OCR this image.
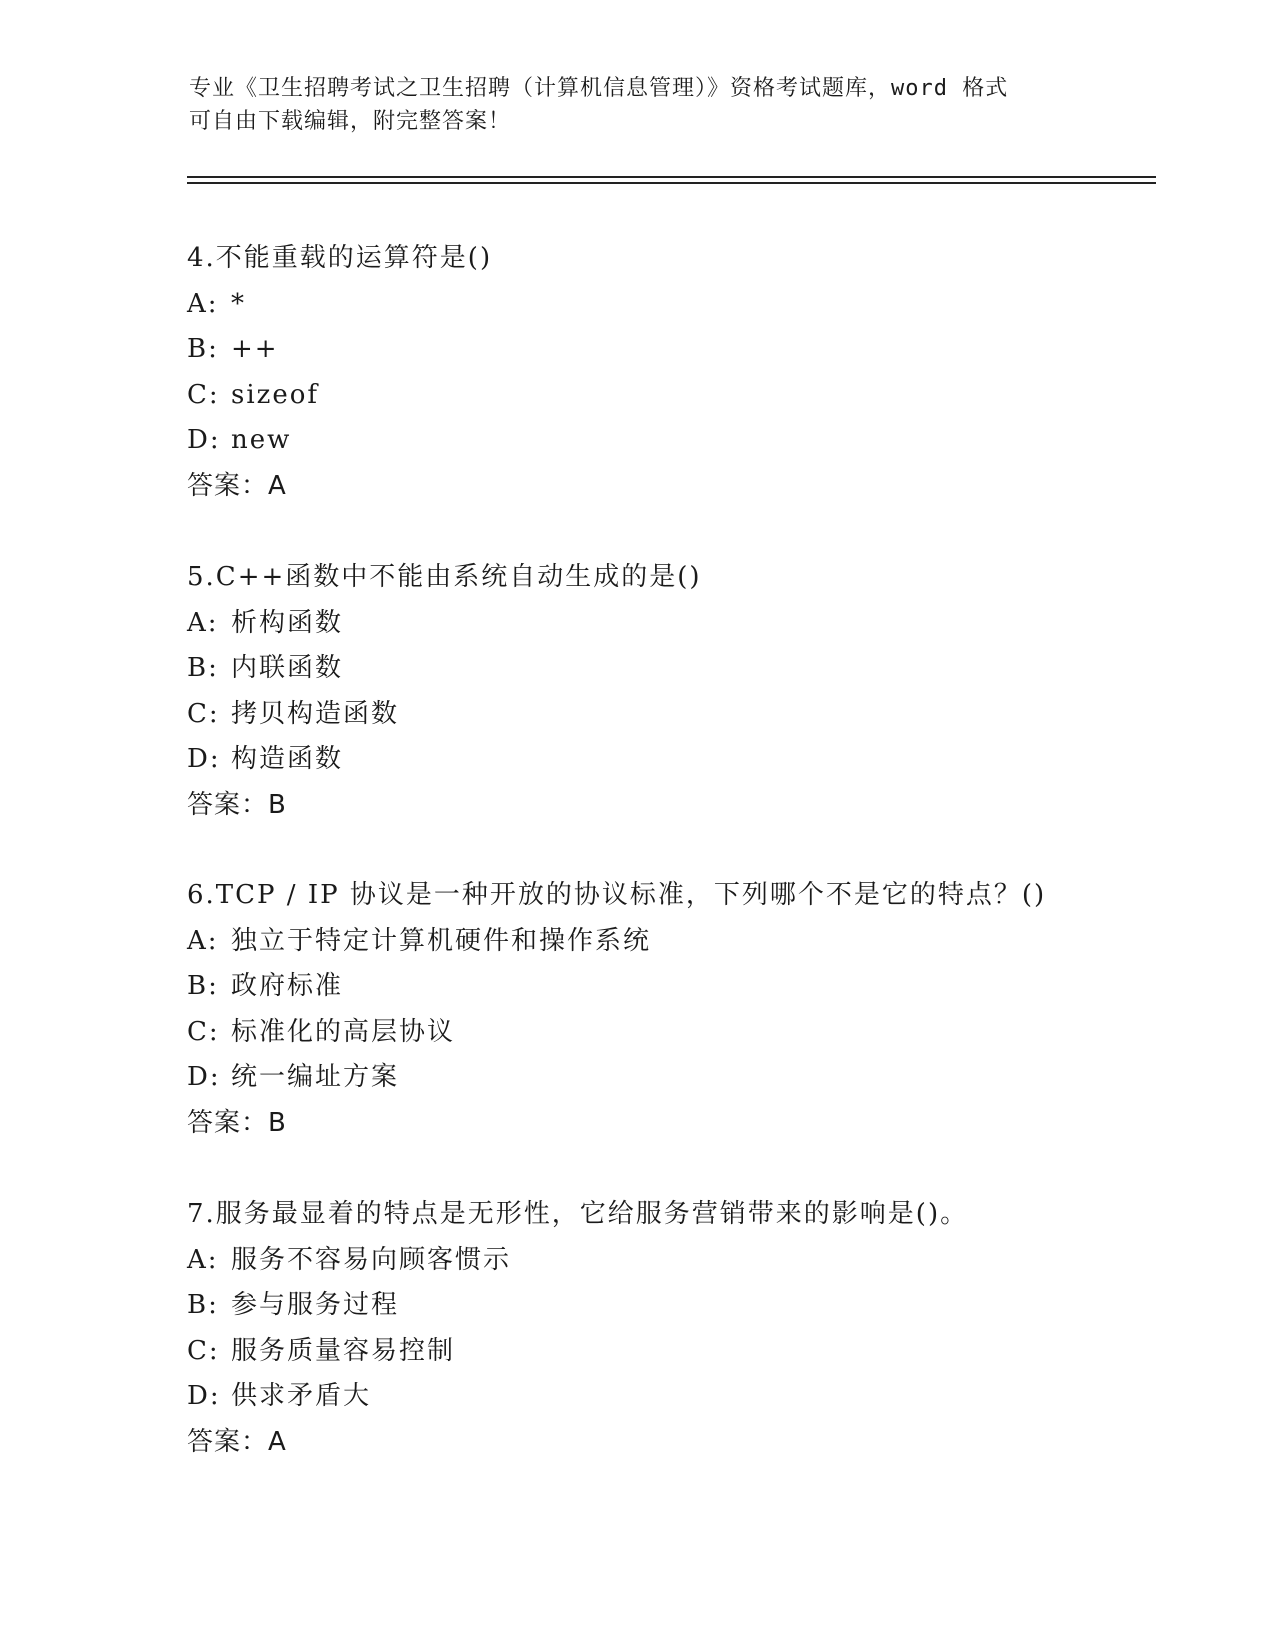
专业《卫生招聘考试之卫生招聘（计算机信息管理）》资格考试题库，word 格式
可自由下载编辑，附完整答案！
4.不能重载的运算符是()
A: *
B: ++
C: sizeof
D: new
答案：A
5.C++函数中不能由系统自动生成的是()
A: 析构函数
B: 内联函数
C: 拷贝构造函数
D: 构造函数
答案：B
6.TCP / IP 协议是一种开放的协议标准，下列哪个不是它的特点？()
A: 独立于特定计算机硬件和操作系统
B: 政府标准
C: 标准化的高层协议
D: 统一编址方案
答案：B
7.服务最显着的特点是无形性，它给服务营销带来的影响是()。
A: 服务不容易向顾客惯示
B: 参与服务过程
C: 服务质量容易控制
D: 供求矛盾大
答案：A
